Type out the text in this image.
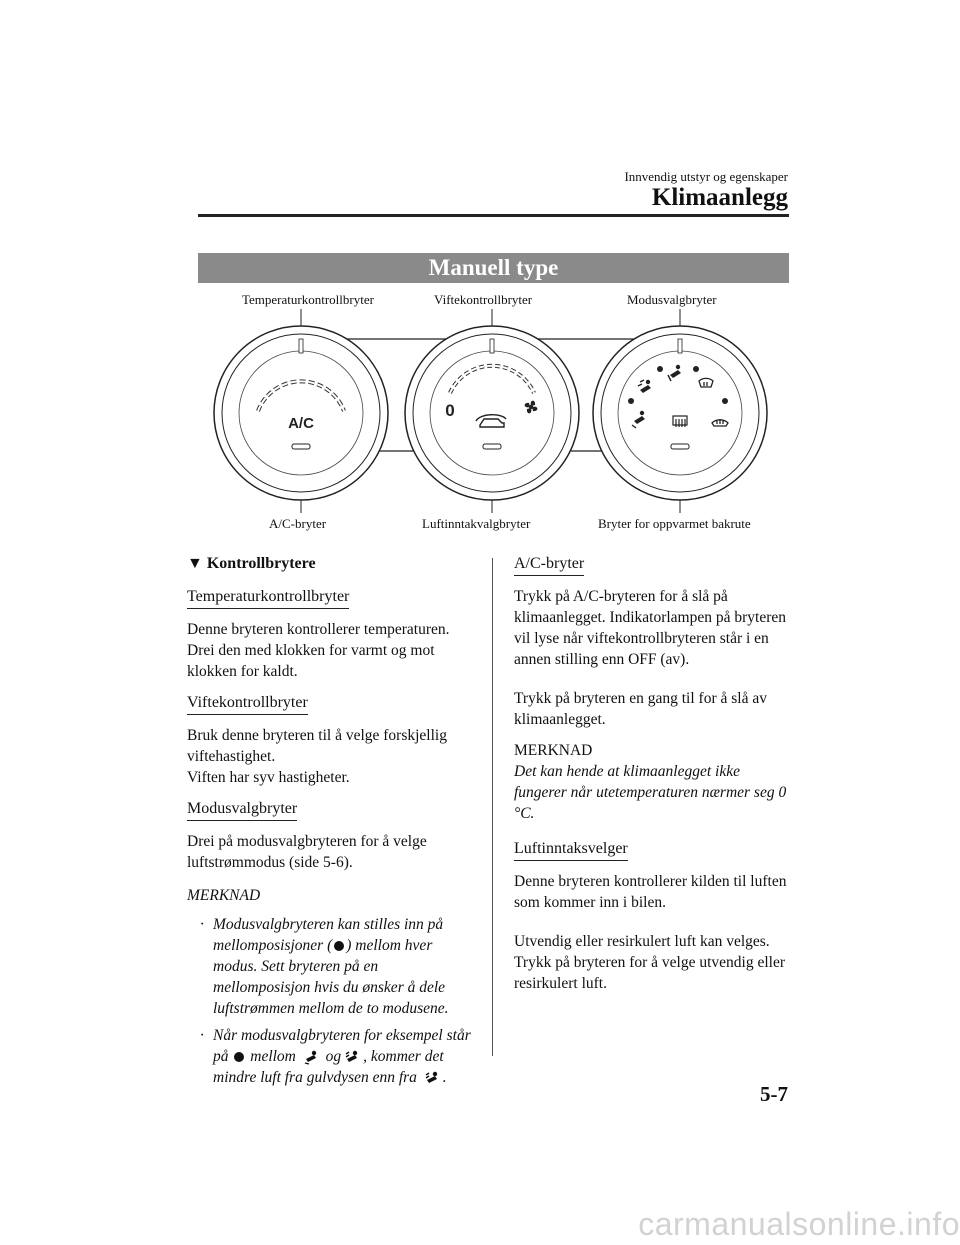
Innvendig utstyr og egenskaper
Klimaanlegg
Manuell type
Temperaturkontrollbryter	Viftekontrollbryter	Modusvalgbryter
A/C-bryter	Luftinntakvalgbryter	Bryter for oppvarmet bakrute
A/C
0
▼ Kontrollbrytere
Temperaturkontrollbryter

Denne bryteren kontrollerer temperaturen. Drei den med klokken for varmt og mot klokken for kaldt.

Viftekontrollbryter

Bruk denne bryteren til å velge forskjellig viftehastighet.

Viften har syv hastigheter.

Modusvalgbryter

Drei på modusvalgbryteren for å velge luftstrømmodus (side 5-6).

MERKNAD
· Modusvalgbryteren kan stilles inn på mellomposisjoner ( ) mellom hver modus. Sett bryteren på en mellomposisjon hvis du ønsker å dele luftstrømmen mellom de to modusene.
· Når modusvalgbryteren for eksempel står på mellom og , kommer det mindre luft fra gulvdysen enn fra .
A/C-bryter

Trykk på A/C-bryteren for å slå på klimaanlegget. Indikatorlampen på bryteren vil lyse når viftekontrollbryteren står i en annen stilling enn OFF (av).

Trykk på bryteren en gang til for å slå av klimaanlegget.

MERKNAD

Det kan hende at klimaanlegget ikke fungerer når utetemperaturen nærmer seg 0 °C.

Luftinntaksvelger

Denne bryteren kontrollerer kilden til luften som kommer inn i bilen.

Utvendig eller resirkulert luft kan velges. Trykk på bryteren for å velge utvendig eller resirkulert luft.

5-7
carmanualsonline.info
